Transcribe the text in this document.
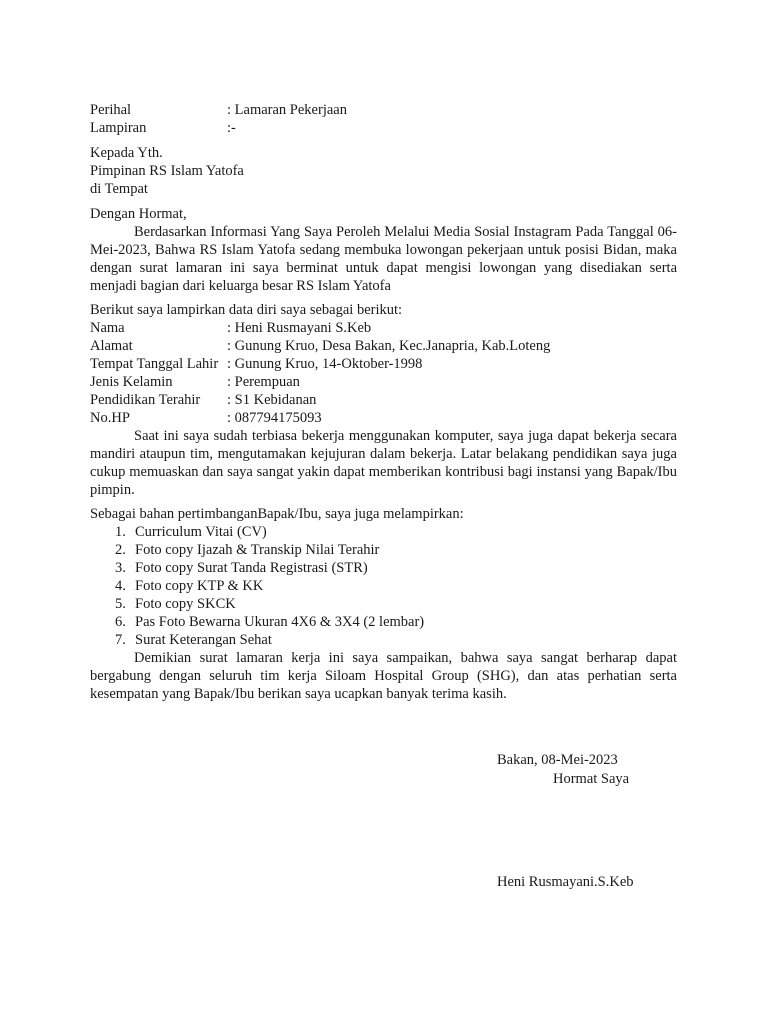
Perihal	: Lamaran Pekerjaan
Lampiran	:-
Kepada Yth.
Pimpinan RS Islam Yatofa
di Tempat
Dengan Hormat,
Berdasarkan Informasi Yang Saya Peroleh Melalui Media Sosial Instagram Pada Tanggal 06-Mei-2023, Bahwa RS Islam Yatofa sedang membuka lowongan pekerjaan untuk posisi Bidan, maka dengan surat lamaran ini saya berminat untuk dapat mengisi lowongan yang disediakan serta menjadi bagian dari keluarga besar RS Islam Yatofa
Berikut saya lampirkan data diri saya sebagai berikut:
Nama	: Heni Rusmayani S.Keb
Alamat	: Gunung Kruo, Desa Bakan, Kec.Janapria, Kab.Loteng
Tempat Tanggal Lahir : Gunung Kruo, 14-Oktober-1998
Jenis Kelamin	: Perempuan
Pendidikan Terahir	: S1 Kebidanan
No.HP	: 087794175093
Saat ini saya sudah terbiasa bekerja menggunakan komputer, saya juga dapat bekerja secara mandiri ataupun tim, mengutamakan kejujuran dalam bekerja. Latar belakang pendidikan saya juga cukup memuaskan dan saya sangat yakin dapat memberikan kontribusi bagi instansi yang Bapak/Ibu pimpin.
Sebagai bahan pertimbanganBapak/Ibu, saya juga melampirkan:
1. Curriculum Vitai (CV)
2. Foto copy Ijazah & Transkip Nilai Terahir
3. Foto copy Surat Tanda Registrasi (STR)
4. Foto copy KTP & KK
5. Foto copy SKCK
6. Pas Foto Bewarna Ukuran 4X6 & 3X4 (2 lembar)
7. Surat Keterangan Sehat
Demikian surat lamaran kerja ini saya sampaikan, bahwa saya sangat berharap dapat bergabung dengan seluruh tim kerja Siloam Hospital Group (SHG), dan atas perhatian serta kesempatan yang Bapak/Ibu berikan saya ucapkan banyak terima kasih.
Bakan, 08-Mei-2023
Hormat Saya
Heni Rusmayani.S.Keb
